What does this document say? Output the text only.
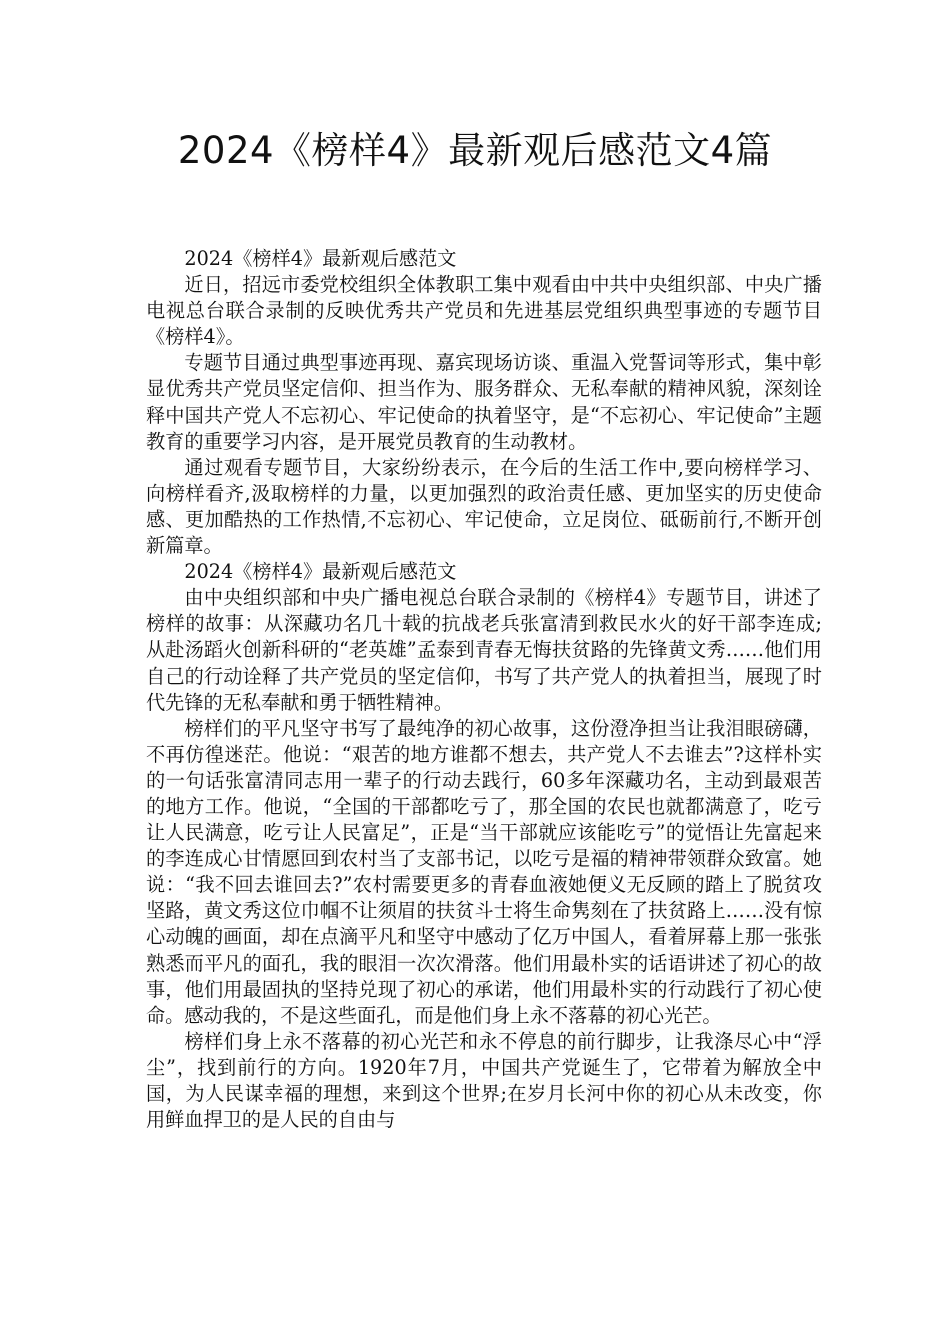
2024《榜样4》最新观后感范文4篇

2024《榜样4》最新观后感范文

近日，招远市委党校组织全体教职工集中观看由中共中央组织部、中央广播电视总台联合录制的反映优秀共产党员和先进基层党组织典型事迹的专题节目《榜样4》。

专题节目通过典型事迹再现、嘉宾现场访谈、重温入党誓词等形式，集中彰显优秀共产党员坚定信仰、担当作为、服务群众、无私奉献的精神风貌，深刻诠释中国共产党人不忘初心、牢记使命的执着坚守，是“不忘初心、牢记使命”主题教育的重要学习内容，是开展党员教育的生动教材。

通过观看专题节目，大家纷纷表示，在今后的生活工作中,要向榜样学习、向榜样看齐,汲取榜样的力量，以更加强烈的政治责任感、更加坚实的历史使命感、更加酷热的工作热情,不忘初心、牢记使命，立足岗位、砥砺前行,不断开创新篇章。

2024《榜样4》最新观后感范文

由中央组织部和中央广播电视总台联合录制的《榜样4》专题节目，讲述了榜样的故事：从深藏功名几十载的抗战老兵张富清到救民水火的好干部李连成;从赴汤蹈火创新科研的“老英雄”孟泰到青春无悔扶贫路的先锋黄文秀……他们用自己的行动诠释了共产党员的坚定信仰，书写了共产党人的执着担当，展现了时代先锋的无私奉献和勇于牺牲精神。

榜样们的平凡坚守书写了最纯净的初心故事，这份澄净担当让我泪眼磅礴，不再仿徨迷茫。他说：“艰苦的地方谁都不想去，共产党人不去谁去”?这样朴实的一句话张富清同志用一辈子的行动去践行，60多年深藏功名，主动到最艰苦的地方工作。他说，“全国的干部都吃亏了，那全国的农民也就都满意了，吃亏让人民满意，吃亏让人民富足”，正是“当干部就应该能吃亏”的觉悟让先富起来的李连成心甘情愿回到农村当了支部书记，以吃亏是福的精神带领群众致富。她说：“我不回去谁回去?”农村需要更多的青春血液她便义无反顾的踏上了脱贫攻坚路，黄文秀这位巾帼不让须眉的扶贫斗士将生命隽刻在了扶贫路上……没有惊心动魄的画面，却在点滴平凡和坚守中感动了亿万中国人，看着屏幕上那一张张熟悉而平凡的面孔，我的眼泪一次次滑落。他们用最朴实的话语讲述了初心的故事，他们用最固执的坚持兑现了初心的承诺，他们用最朴实的行动践行了初心使命。感动我的，不是这些面孔，而是他们身上永不落幕的初心光芒。

榜样们身上永不落幕的初心光芒和永不停息的前行脚步，让我涤尽心中“浮尘”，找到前行的方向。1920年7月，中国共产党诞生了，它带着为解放全中国，为人民谋幸福的理想，来到这个世界;在岁月长河中你的初心从未改变，你用鲜血捍卫的是人民的自由与
